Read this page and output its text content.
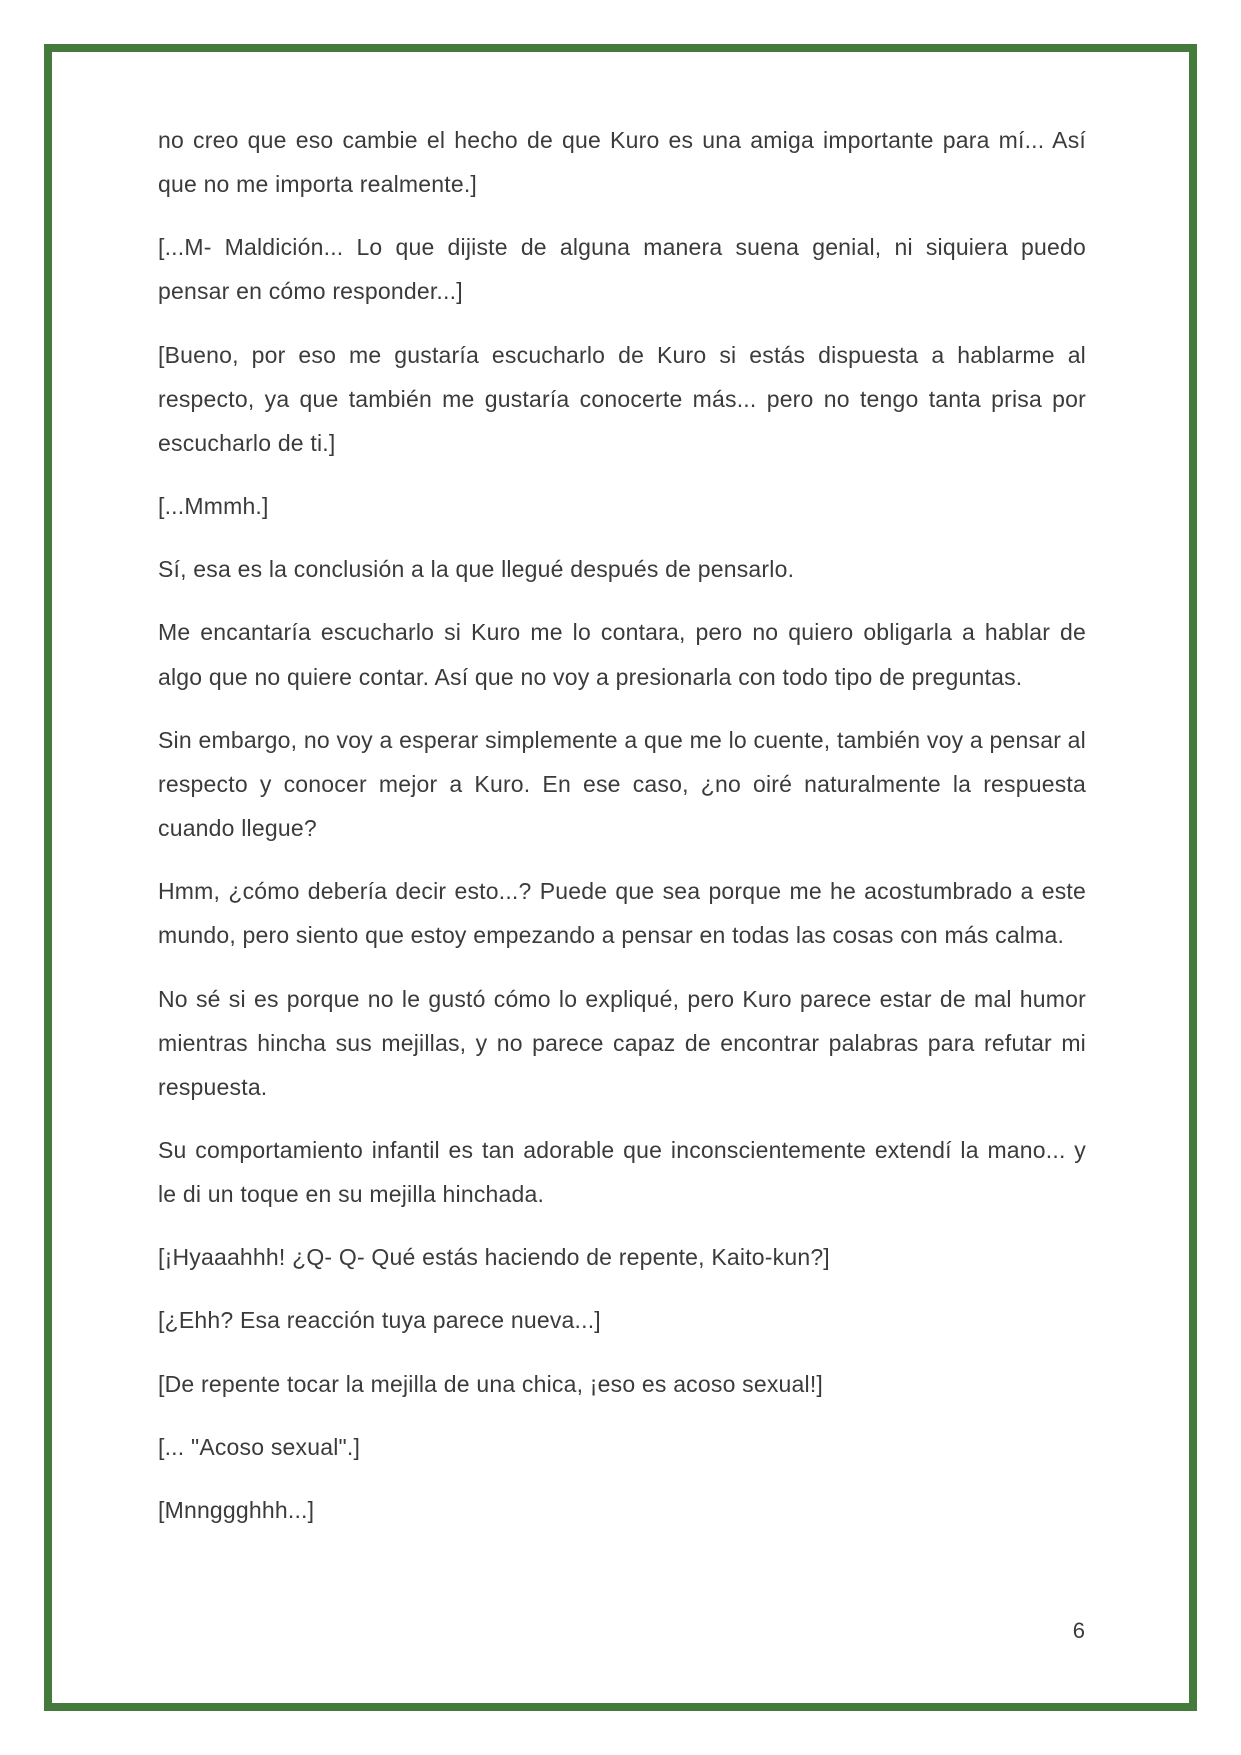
no creo que eso cambie el hecho de que Kuro es una amiga importante para mí... Así que no me importa realmente.]

[...M- Maldición... Lo que dijiste de alguna manera suena genial, ni siquiera puedo pensar en cómo responder...]

[Bueno, por eso me gustaría escucharlo de Kuro si estás dispuesta a hablarme al respecto, ya que también me gustaría conocerte más... pero no tengo tanta prisa por escucharlo de ti.]

[...Mmmh.]

Sí, esa es la conclusión a la que llegué después de pensarlo.

Me encantaría escucharlo si Kuro me lo contara, pero no quiero obligarla a hablar de algo que no quiere contar. Así que no voy a presionarla con todo tipo de preguntas.

Sin embargo, no voy a esperar simplemente a que me lo cuente, también voy a pensar al respecto y conocer mejor a Kuro. En ese caso, ¿no oiré naturalmente la respuesta cuando llegue?

Hmm, ¿cómo debería decir esto...? Puede que sea porque me he acostumbrado a este mundo, pero siento que estoy empezando a pensar en todas las cosas con más calma.

No sé si es porque no le gustó cómo lo expliqué, pero Kuro parece estar de mal humor mientras hincha sus mejillas, y no parece capaz de encontrar palabras para refutar mi respuesta.

Su comportamiento infantil es tan adorable que inconscientemente extendí la mano... y le di un toque en su mejilla hinchada.

[¡Hyaaahhh! ¿Q- Q- Qué estás haciendo de repente, Kaito-kun?]

[¿Ehh? Esa reacción tuya parece nueva...]

[De repente tocar la mejilla de una chica, ¡eso es acoso sexual!]

[... "Acoso sexual".]

[Mnnggghhh...]

6
